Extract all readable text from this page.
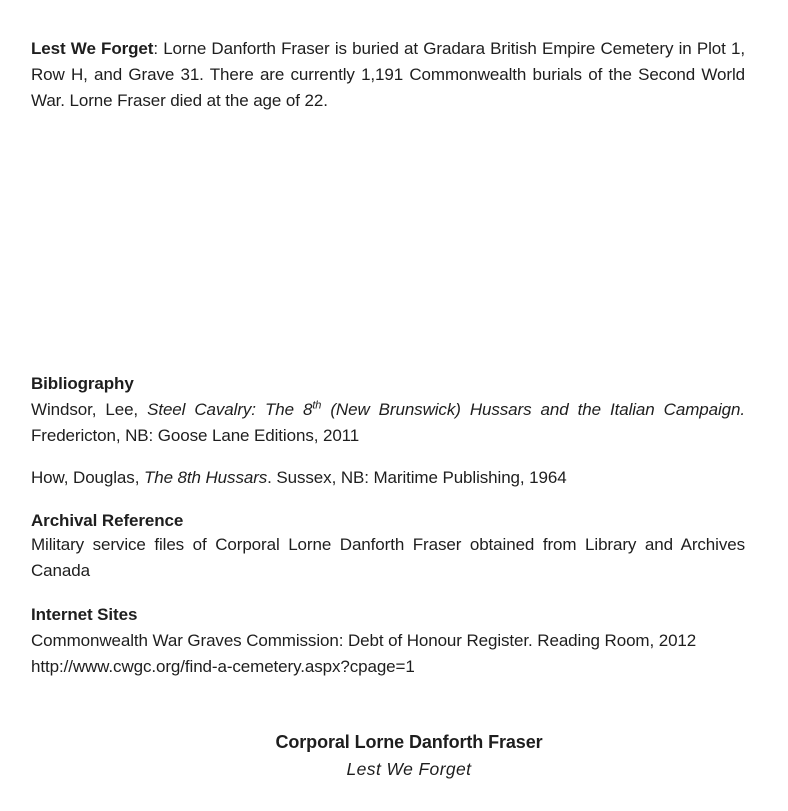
Lest We Forget: Lorne Danforth Fraser is buried at Gradara British Empire Cemetery in Plot 1, Row H, and Grave 31. There are currently 1,191 Commonwealth burials of the Second World War. Lorne Fraser died at the age of 22.

Bibliography

Windsor, Lee, Steel Cavalry: The 8th (New Brunswick) Hussars and the Italian Campaign. Fredericton, NB: Goose Lane Editions, 2011

How, Douglas, The 8th Hussars. Sussex, NB: Maritime Publishing, 1964

Archival Reference

Military service files of Corporal Lorne Danforth Fraser obtained from Library and Archives Canada

Internet Sites
Commonwealth War Graves Commission: Debt of Honour Register. Reading Room, 2012
http://www.cwgc.org/find-a-cemetery.aspx?cpage=1
Corporal Lorne Danforth Fraser
Lest We Forget
